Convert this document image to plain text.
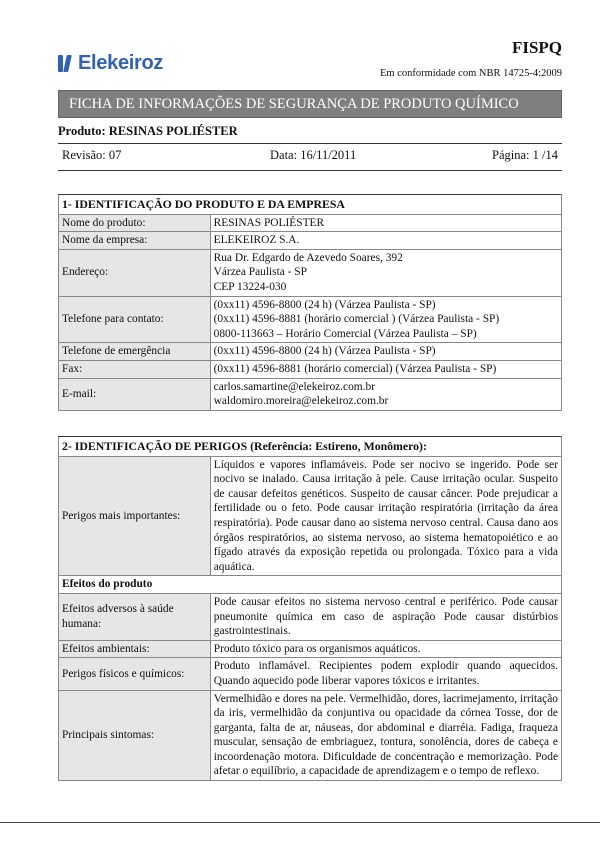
Elekeiroz
FISPQ
Em conformidade com NBR 14725-4:2009
FICHA DE INFORMAÇÕES DE SEGURANÇA DE PRODUTO QUÍMICO
Produto: RESINAS POLIÉSTER
Revisão: 07	Data: 16/11/2011	Página: 1 /14
1- IDENTIFICAÇÃO DO PRODUTO E DA EMPRESA	
Nome do produto:	RESINAS POLIÉSTER

Nome da empresa:	ELEKEIROZ S.A.

Endereço:	Rua Dr. Edgardo de Azevedo Soares, 392
Várzea Paulista - SP
CEP 13224-030

Telefone para contato:	(0xx11) 4596-8800 (24 h) (Várzea Paulista - SP)
(0xx11) 4596-8881 (horário comercial ) (Várzea Paulista - SP)
0800-113663 – Horário Comercial (Várzea Paulista – SP)

Telefone de emergência	(0xx11) 4596-8800 (24 h) (Várzea Paulista - SP)

Fax:	(0xx11) 4596-8881 (horário comercial) (Várzea Paulista - SP)

E-mail:	carlos.samartine@elekeiroz.com.br
waldomiro.moreira@elekeiroz.com.br
2- IDENTIFICAÇÃO DE PERIGOS (Referência: Estireno, Monômero):	
Perigos mais importantes:	Líquidos e vapores inflamáveis. Pode ser nocivo se ingerido. Pode ser nocivo se inalado. Causa irritação à pele. Cause irritação ocular. Suspeito de causar defeitos genéticos. Suspeito de causar câncer. Pode prejudicar a fertilidade ou o feto. Pode causar irritação respiratória (irritação da área respiratória). Pode causar dano ao sistema nervoso central. Causa dano aos órgãos respiratórios, ao sistema nervoso, ao sistema hematopoiético e ao fígado através da exposição repetida ou prolongada. Tóxico para a vida aquática.
Efeitos do produto	
Efeitos adversos à saúde humana:	Pode causar efeitos no sistema nervoso central e periférico. Pode causar pneumonite química em caso de aspiração Pode causar distúrbios gastrointestinais.
Efeitos ambientais:	Produto tóxico para os organismos aquáticos.
Perigos físicos e químicos:	Produto inflamável. Recipientes podem explodir quando aquecidos. Quando aquecido pode liberar vapores tóxicos e irritantes.
Principais sintomas:	Vermelhidão e dores na pele. Vermelhidão, dores, lacrimejamento, irritação da iris, vermelhidão da conjuntiva ou opacidade da córnea Tosse, dor de garganta, falta de ar, náuseas, dor abdominal e diarréia. Fadiga, fraqueza muscular, sensação de embriaguez, tontura, sonolência, dores de cabeça e incoordenação motora. Dificuldade de concentração e memorização. Pode afetar o equilíbrio, a capacidade de aprendizagem e o tempo de reflexo.
